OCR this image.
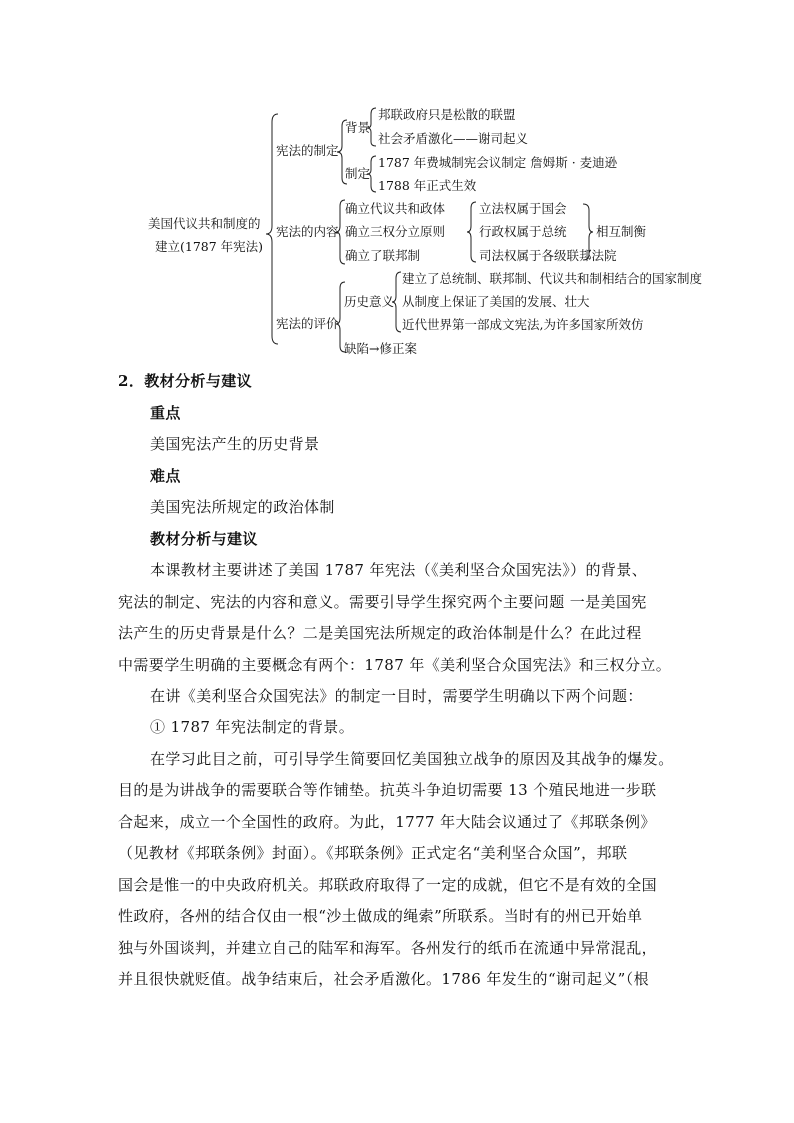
美国代议共和制度的
建立(1787 年宪法)
宪法的制定
背景
邦联政府只是松散的联盟
社会矛盾激化——谢司起义
制定
1787 年费城制宪会议制定 詹姆斯 · 麦迪逊
1788 年正式生效
宪法的内容
确立代议共和政体
确立三权分立原则
确立了联邦制
立法权属于国会
行政权属于总统
司法权属于各级联邦法院
相互制衡
宪法的评价
历史意义
建立了总统制、联邦制、代议共和制相结合的国家制度
从制度上保证了美国的发展、壮大
近代世界第一部成文宪法,为许多国家所效仿
缺陷→修正案
2．教材分析与建议
重点
美国宪法产生的历史背景
难点
美国宪法所规定的政治体制
教材分析与建议
本课教材主要讲述了美国 1787 年宪法（《美利坚合众国宪法》）的背景、
宪法的制定、宪法的内容和意义。需要引导学生探究两个主要问题 一是美国宪
法产生的历史背景是什么？二是美国宪法所规定的政治体制是什么？在此过程
中需要学生明确的主要概念有两个：1787 年《美利坚合众国宪法》和三权分立。
在讲《美利坚合众国宪法》的制定一目时，需要学生明确以下两个问题：
① 1787 年宪法制定的背景。
在学习此目之前，可引导学生简要回忆美国独立战争的原因及其战争的爆发。
目的是为讲战争的需要联合等作铺垫。抗英斗争迫切需要 13 个殖民地进一步联
合起来，成立一个全国性的政府。为此，1777 年大陆会议通过了《邦联条例》
（见教材《邦联条例》封面）。《邦联条例》正式定名“美利坚合众国”，邦联
国会是惟一的中央政府机关。邦联政府取得了一定的成就，但它不是有效的全国
性政府，各州的结合仅由一根“沙土做成的绳索”所联系。当时有的州已开始单
独与外国谈判，并建立自己的陆军和海军。各州发行的纸币在流通中异常混乱，
并且很快就贬值。战争结束后，社会矛盾激化。1786 年发生的“谢司起义”（根
